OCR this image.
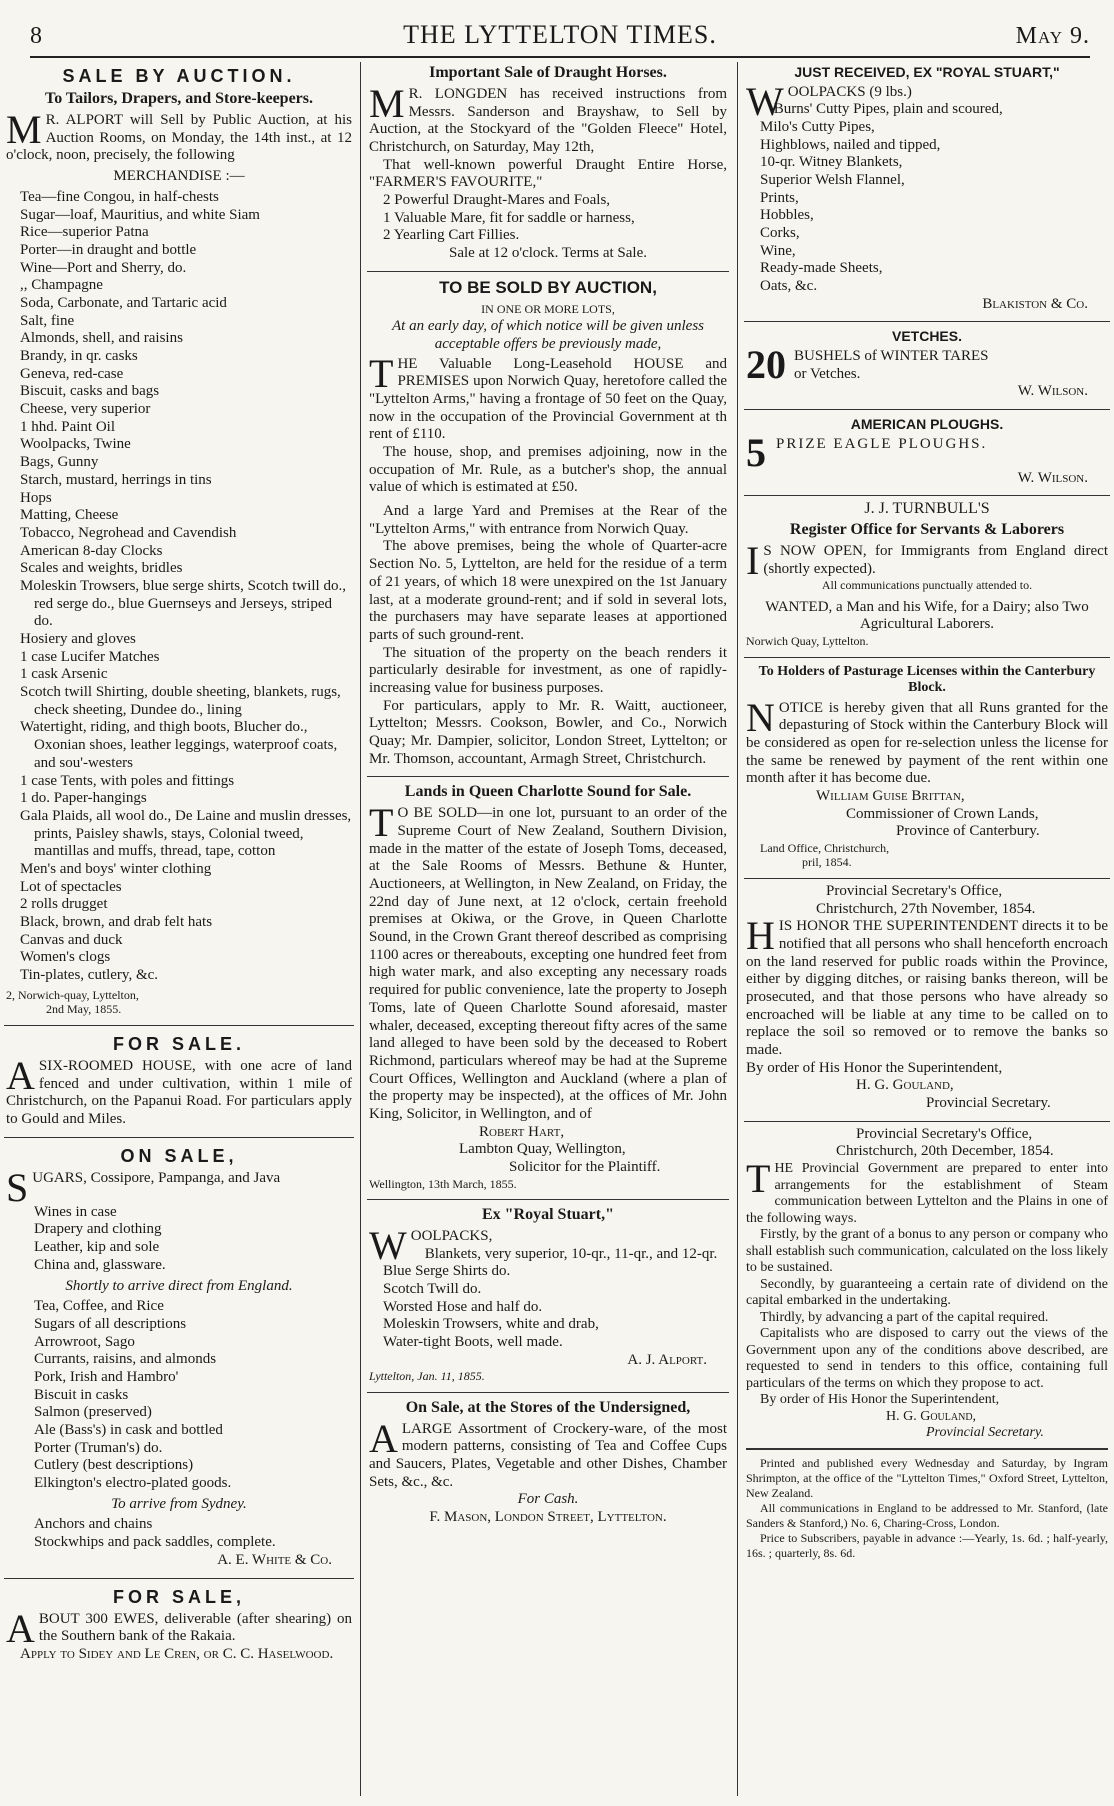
8	THE LYTTELTON TIMES.	May 9.
SALE BY AUCTION.
To Tailors, Drapers, and Store-keepers.

M R. ALPORT will Sell by Public Auction, at his Auction Rooms, on Monday, the 14th inst., at 12 o'clock, noon, precisely, the following

MERCHANDISE :—
Tea—fine Congou, in half-chests
Sugar—loaf, Mauritius, and white Siam
Rice—superior Patna
Porter—in draught and bottle
Wine—Port and Sherry, do.
,, Champagne
Soda, Carbonate, and Tartaric acid
Salt, fine
Almonds, shell, and raisins
Brandy, in qr. casks
Geneva, red-case
Biscuit, casks and bags
Cheese, very superior
1 hhd. Paint Oil
Woolpacks, Twine
Bags, Gunny
Starch, mustard, herrings in tins
Hops
Matting, Cheese
Tobacco, Negrohead and Cavendish
American 8-day Clocks
Scales and weights, bridles
Moleskin Trowsers, blue serge shirts, Scotch twill do., red serge do., blue Guernseys and Jerseys, striped do.
Hosiery and gloves
1 case Lucifer Matches
1 cask Arsenic
Scotch twill Shirting, double sheeting, blankets, rugs, check sheeting, Dundee do., lining
Watertight, riding, and thigh boots, Blucher do., Oxonian shoes, leather leggings, waterproof coats, and sou'-westers
1 case Tents, with poles and fittings
1 do. Paper-hangings
Gala Plaids, all wool do., De Laine and muslin dresses, prints, Paisley shawls, stays, Colonial tweed, mantillas and muffs, thread, tape, cotton
Men's and boys' winter clothing
Lot of spectacles
2 rolls drugget
Black, brown, and drab felt hats
Canvas and duck
Women's clogs
Tin-plates, cutlery, &c.
2, Norwich-quay, Lyttelton,
2nd May, 1855.
FOR SALE.

ASIX-ROOMED HOUSE, with one acre of land fenced and under cultivation, within 1 mile of Christchurch, on the Papanui Road. For particulars apply to Gould and Miles.

ON SALE,

SUGARS, Cossipore, Pampanga, and Java

Wines in case
Drapery and clothing
Leather, kip and sole
China and, glassware.
Shortly to arrive direct from England.
Tea, Coffee, and Rice
Sugars of all descriptions
Arrowroot, Sago
Currants, raisins, and almonds
Pork, Irish and Hambro'
Biscuit in casks
Salmon (preserved)
Ale (Bass's) in cask and bottled
Porter (Truman's) do.
Cutlery (best descriptions)
Elkington's electro-plated goods.
To arrive from Sydney.
Anchors and chains
Stockwhips and pack saddles, complete.
A. E. White & Co.
FOR SALE,

ABOUT 300 EWES, deliverable (after shearing) on the Southern bank of the Rakaia.

Apply to Sidey and Le Cren, or C. C. Haselwood.

Important Sale of Draught Horses.

M R. LONGDEN has received instructions from Messrs. Sanderson and Brayshaw, to Sell by Auction, at the Stockyard of the "Golden Fleece" Hotel, Christchurch, on Saturday, May 12th,

That well-known powerful Draught Entire Horse, "FARMER'S FAVOURITE,"

2 Powerful Draught-Mares and Foals,
1 Valuable Mare, fit for saddle or harness,
2 Yearling Cart Fillies.
Sale at 12 o'clock. Terms at Sale.
TO BE SOLD BY AUCTION,
IN ONE OR MORE LOTS,

At an early day, of which notice will be given unless acceptable offers be previously made,

THE Valuable Long-Leasehold HOUSE and PREMISES upon Norwich Quay, heretofore called the "Lyttelton Arms," having a frontage of 50 feet on the Quay, now in the occupation of the Provincial Government at th rent of £110.

The house, shop, and premises adjoining, now in the occupation of Mr. Rule, as a butcher's shop, the annual value of which is estimated at £50.

And a large Yard and Premises at the Rear of the "Lyttelton Arms," with entrance from Norwich Quay.

The above premises, being the whole of Quarter-acre Section No. 5, Lyttelton, are held for the residue of a term of 21 years, of which 18 were unexpired on the 1st January last, at a moderate ground-rent; and if sold in several lots, the purchasers may have separate leases at apportioned parts of such ground-rent.

The situation of the property on the beach renders it particularly desirable for investment, as one of rapidly-increasing value for business purposes.

For particulars, apply to Mr. R. Waitt, auctioneer, Lyttelton; Messrs. Cookson, Bowler, and Co., Norwich Quay; Mr. Dampier, solicitor, London Street, Lyttelton; or Mr. Thomson, accountant, Armagh Street, Christchurch.

Lands in Queen Charlotte Sound for Sale.

T O BE SOLD—in one lot, pursuant to an order of the Supreme Court of New Zealand, Southern Division, made in the matter of the estate of Joseph Toms, deceased, at the Sale Rooms of Messrs. Bethune & Hunter, Auctioneers, at Wellington, in New Zealand, on Friday, the 22nd day of June next, at 12 o'clock, certain freehold premises at Okiwa, or the Grove, in Queen Charlotte Sound, in the Crown Grant thereof described as comprising 1100 acres or thereabouts, excepting one hundred feet from high water mark, and also excepting any necessary roads required for public convenience, late the property to Joseph Toms, late of Queen Charlotte Sound aforesaid, master whaler, deceased, excepting thereout fifty acres of the same land alleged to have been sold by the deceased to Robert Richmond, particulars whereof may be had at the Supreme Court Offices, Wellington and Auckland (where a plan of the property may be inspected), at the offices of Mr. John King, Solicitor, in Wellington, and of

Robert Hart,
Lambton Quay, Wellington,
Solicitor for the Plaintiff.
Wellington, 13th March, 1855.
Ex "Royal Stuart,"

WOOLPACKS,

Blankets, very superior, 10-qr., 11-qr., and 12-qr.

Blue Serge Shirts do.
Scotch Twill do.
Worsted Hose and half do.
Moleskin Trowsers, white and drab,
Water-tight Boots, well made.
A. J. Alport.
Lyttelton, Jan. 11, 1855.
On Sale, at the Stores of the Undersigned,

ALARGE Assortment of Crockery-ware, of the most modern patterns, consisting of Tea and Coffee Cups and Saucers, Plates, Vegetable and other Dishes, Chamber Sets, &c., &c.

For Cash.
F. Mason, London Street, Lyttelton.
JUST RECEIVED, EX "ROYAL STUART,"

WOOLPACKS (9 lbs.)

Burns' Cutty Pipes, plain and scoured,
Milo's Cutty Pipes,
Highblows, nailed and tipped,
10-qr. Witney Blankets,
Superior Welsh Flannel,
Prints,
Hobbles,
Corks,
Wine,
Ready-made Sheets,
Oats, &c.
Blakiston & Co.
VETCHES.

20 BUSHELS of WINTER TARES

or Vetches.
W. Wilson.
AMERICAN PLOUGHS.

5 PRIZE EAGLE PLOUGHS.

W. Wilson.
J. J. TURNBULL'S
Register Office for Servants & Laborers

I S NOW OPEN, for Immigrants from England direct (shortly expected).

All communications punctually attended to.

WANTED, a Man and his Wife, for a Dairy; also Two Agricultural Laborers.

Norwich Quay, Lyttelton.
To Holders of Pasturage Licenses within the Canterbury Block.

NOTICE is hereby given that all Runs granted for the depasturing of Stock within the Canterbury Block will be considered as open for re-selection unless the license for the same be renewed by payment of the rent within one month after it has become due.

William Guise Brittan,
Commissioner of Crown Lands,
Province of Canterbury.
Land Office, Christchurch,
pril, 1854.
Provincial Secretary's Office,
Christchurch, 27th November, 1854.

HIS HONOR THE SUPERINTENDENT directs it to be notified that all persons who shall henceforth encroach on the land reserved for public roads within the Province, either by digging ditches, or raising banks thereon, will be prosecuted, and that those persons who have already so encroached will be liable at any time to be called on to replace the soil so removed or to remove the banks so made.

By order of His Honor the Superintendent,
H. G. Gouland,
Provincial Secretary.
Provincial Secretary's Office,
Christchurch, 20th December, 1854.

THE Provincial Government are prepared to enter into arrangements for the establishment of Steam communication between Lyttelton and the Plains in one of the following ways.

Firstly, by the grant of a bonus to any person or company who shall establish such communication, calculated on the loss likely to be sustained.

Secondly, by guaranteeing a certain rate of dividend on the capital embarked in the undertaking.

Thirdly, by advancing a part of the capital required.

Capitalists who are disposed to carry out the views of the Government upon any of the conditions above described, are requested to send in tenders to this office, containing full particulars of the terms on which they propose to act.

By order of His Honor the Superintendent,
H. G. Gouland,
Provincial Secretary.

Printed and published every Wednesday and Saturday, by Ingram Shrimpton, at the office of the "Lyttelton Times," Oxford Street, Lyttelton, New Zealand.

All communications in England to be addressed to Mr. Stanford, (late Sanders & Stanford,) No. 6, Charing-Cross, London.

Price to Subscribers, payable in advance :—Yearly, 1s. 6d. ; half-yearly, 16s. ; quarterly, 8s. 6d.
